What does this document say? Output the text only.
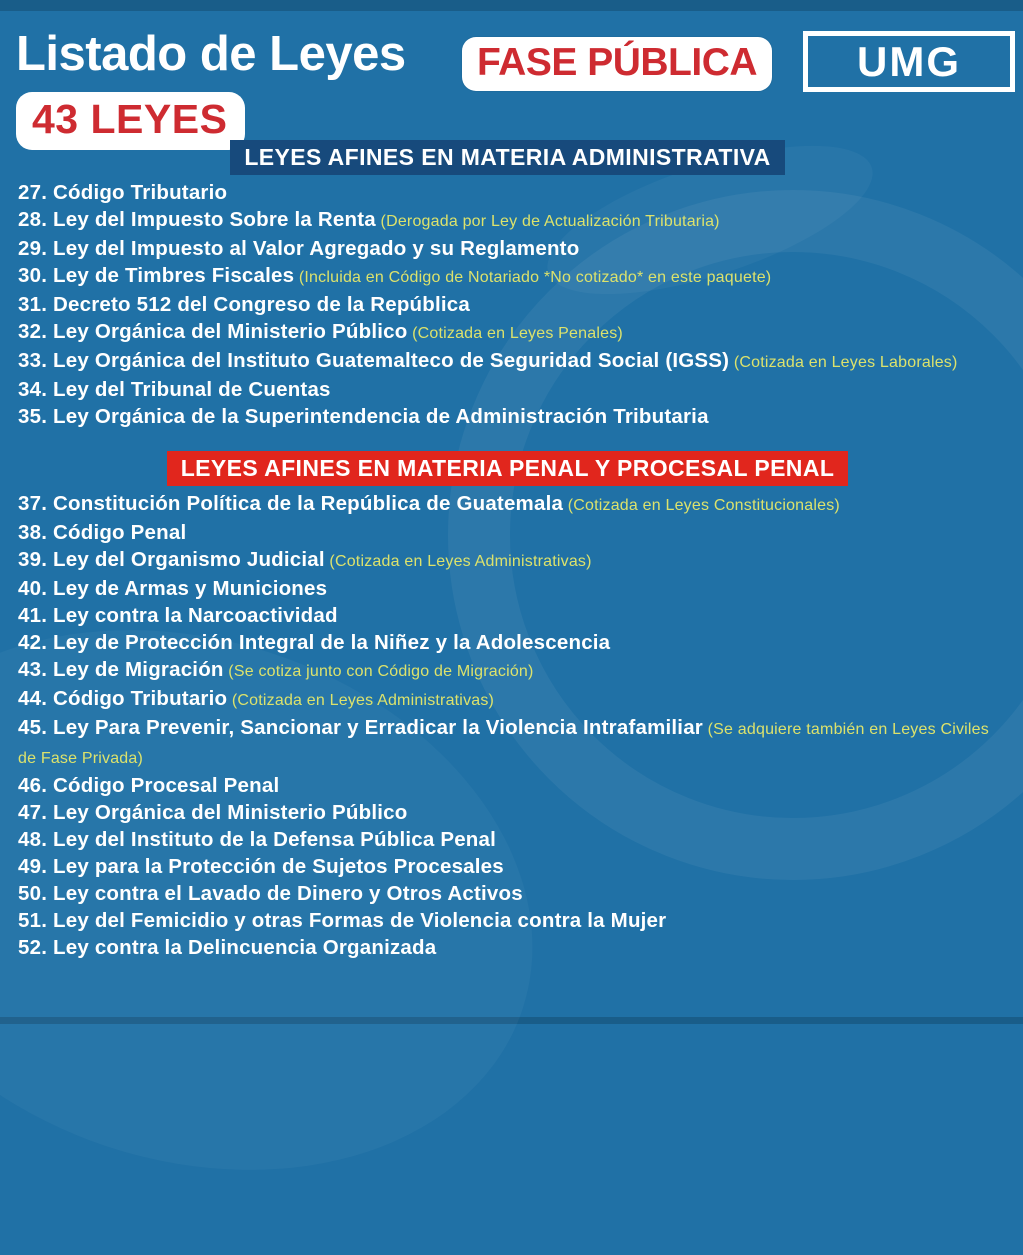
Listado de Leyes	FASE PÚBLICA	UMG
43 LEYES
LEYES AFINES EN MATERIA ADMINISTRATIVA
27. Código Tributario
28. Ley del Impuesto Sobre la Renta (Derogada por Ley de Actualización Tributaria)
29. Ley del Impuesto al Valor Agregado y su Reglamento
30. Ley de Timbres Fiscales (Incluida en Código de Notariado *No cotizado* en este paquete)
31. Decreto 512 del Congreso de la República
32. Ley Orgánica del Ministerio Público (Cotizada en Leyes Penales)
33. Ley Orgánica del Instituto Guatemalteco de Seguridad Social (IGSS) (Cotizada en Leyes Laborales)
34. Ley del Tribunal de Cuentas
35. Ley Orgánica de la Superintendencia de Administración Tributaria
LEYES AFINES EN MATERIA PENAL Y PROCESAL PENAL
37. Constitución Política de la República de Guatemala (Cotizada en Leyes Constitucionales)
38. Código Penal
39. Ley del Organismo Judicial (Cotizada en Leyes Administrativas)
40. Ley de Armas y Municiones
41. Ley contra la Narcoactividad
42. Ley de Protección Integral de la Niñez y la Adolescencia
43. Ley de Migración (Se cotiza junto con Código de Migración)
44. Código Tributario (Cotizada en Leyes Administrativas)
45. Ley Para Prevenir, Sancionar y Erradicar la Violencia Intrafamiliar (Se adquiere también en Leyes Civiles de Fase Privada)
46. Código Procesal Penal
47. Ley Orgánica del Ministerio Público
48. Ley del Instituto de la Defensa Pública Penal
49. Ley para la Protección de Sujetos Procesales
50. Ley contra el Lavado de Dinero y Otros Activos
51. Ley del Femicidio y otras Formas de Violencia contra la Mujer
52. Ley contra la Delincuencia Organizada
